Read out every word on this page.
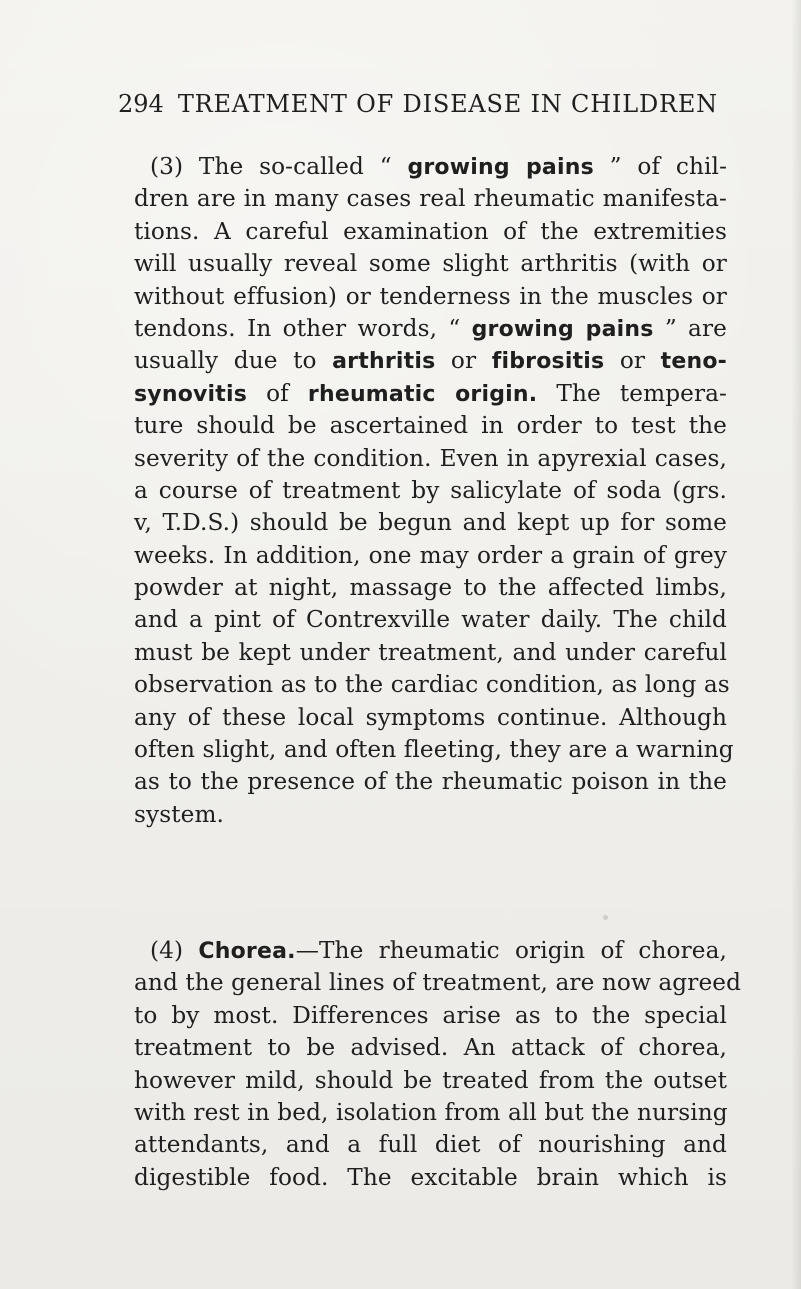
294 TREATMENT OF DISEASE IN CHILDREN
(3) The so-called “ growing pains ” of chil-
dren are in many cases real rheumatic manifesta-
tions. A careful examination of the extremities
will usually reveal some slight arthritis (with or
without effusion) or tenderness in the muscles or
tendons. In other words, “ growing pains ” are
usually due to arthritis or fibrositis or teno-
synovitis of rheumatic origin. The tempera-
ture should be ascertained in order to test the
severity of the condition. Even in apyrexial cases,
a course of treatment by salicylate of soda (grs.
v, T.D.S.) should be begun and kept up for some
weeks. In addition, one may order a grain of grey
powder at night, massage to the affected limbs,
and a pint of Contrexville water daily. The child
must be kept under treatment, and under careful
observation as to the cardiac condition, as long as
any of these local symptoms continue. Although
often slight, and often fleeting, they are a warning
as to the presence of the rheumatic poison in the
system.
(4) Chorea.—The rheumatic origin of chorea,
and the general lines of treatment, are now agreed
to by most. Differences arise as to the special
treatment to be advised. An attack of chorea,
however mild, should be treated from the outset
with rest in bed, isolation from all but the nursing
attendants, and a full diet of nourishing and
digestible food. The excitable brain which is
